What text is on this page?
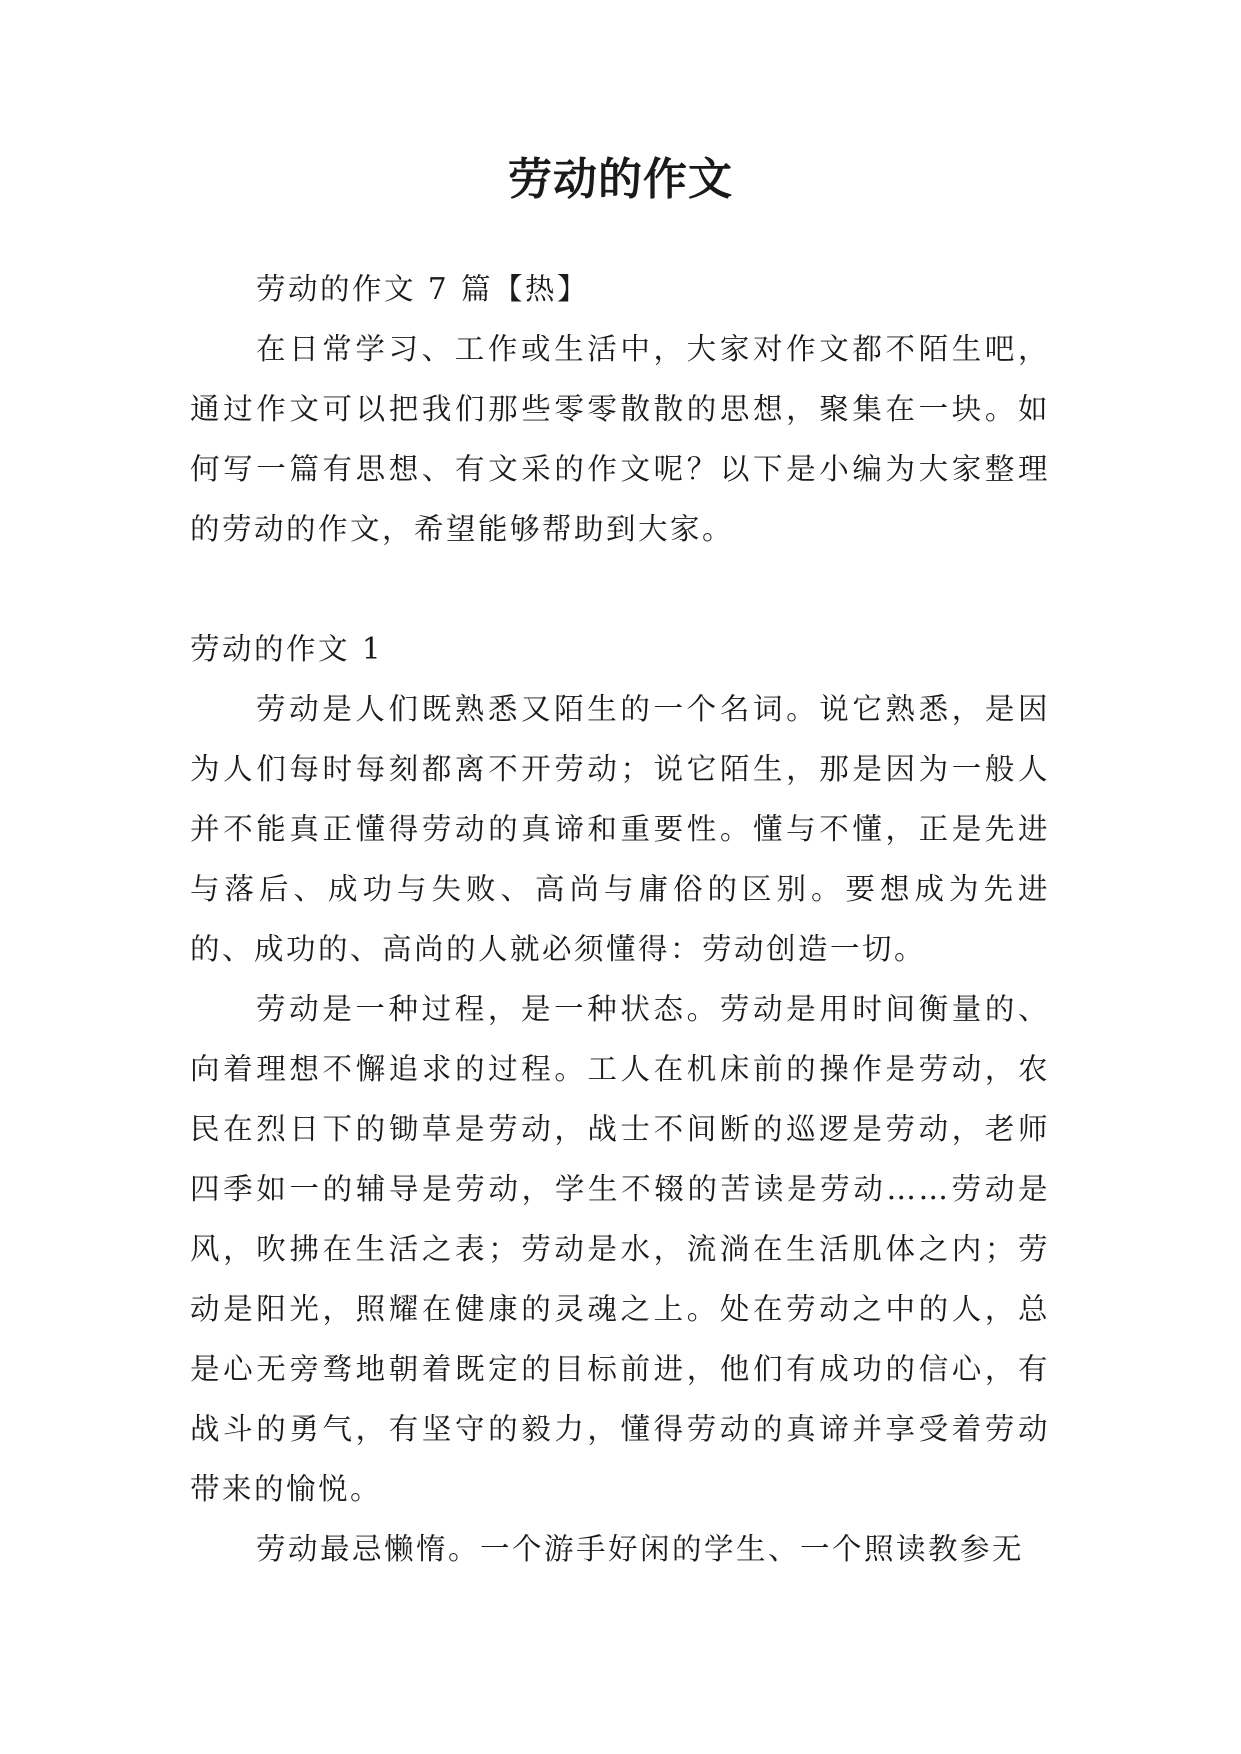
劳动的作文

劳动的作文 7 篇【热】

在日常学习、工作或生活中，大家对作文都不陌生吧，通过作文可以把我们那些零零散散的思想，聚集在一块。如何写一篇有思想、有文采的作文呢？以下是小编为大家整理的劳动的作文，希望能够帮助到大家。

劳动的作文 1

劳动是人们既熟悉又陌生的一个名词。说它熟悉，是因为人们每时每刻都离不开劳动；说它陌生，那是因为一般人并不能真正懂得劳动的真谛和重要性。懂与不懂，正是先进与落后、成功与失败、高尚与庸俗的区别。要想成为先进的、成功的、高尚的人就必须懂得：劳动创造一切。

劳动是一种过程，是一种状态。劳动是用时间衡量的、向着理想不懈追求的过程。工人在机床前的操作是劳动，农民在烈日下的锄草是劳动，战士不间断的巡逻是劳动，老师四季如一的辅导是劳动，学生不辍的苦读是劳动……劳动是风，吹拂在生活之表；劳动是水，流淌在生活肌体之内；劳动是阳光，照耀在健康的灵魂之上。处在劳动之中的人，总是心无旁骛地朝着既定的目标前进，他们有成功的信心，有战斗的勇气，有坚守的毅力，懂得劳动的真谛并享受着劳动带来的愉悦。

劳动最忌懒惰。一个游手好闲的学生、一个照读教参无
